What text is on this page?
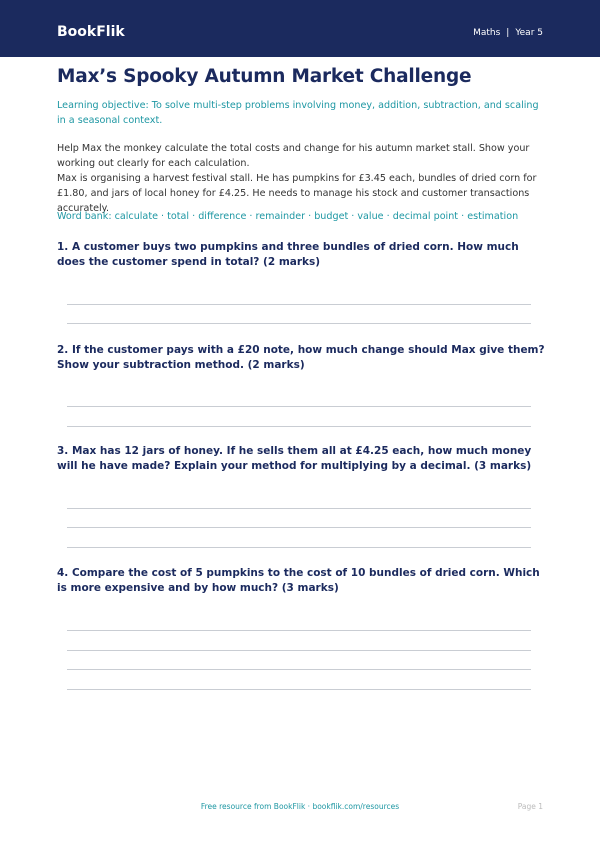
BookFlik	Maths | Year 5
Max’s Spooky Autumn Market Challenge
Learning objective: To solve multi-step problems involving money, addition, subtraction, and scaling in a seasonal context.
Help Max the monkey calculate the total costs and change for his autumn market stall. Show your working out clearly for each calculation.
Max is organising a harvest festival stall. He has pumpkins for £3.45 each, bundles of dried corn for £1.80, and jars of local honey for £4.25. He needs to manage his stock and customer transactions accurately.
Word bank: calculate · total · difference · remainder · budget · value · decimal point · estimation
1. A customer buys two pumpkins and three bundles of dried corn. How much does the customer spend in total? (2 marks)
2. If the customer pays with a £20 note, how much change should Max give them? Show your subtraction method. (2 marks)
3. Max has 12 jars of honey. If he sells them all at £4.25 each, how much money will he have made? Explain your method for multiplying by a decimal. (3 marks)
4. Compare the cost of 5 pumpkins to the cost of 10 bundles of dried corn. Which is more expensive and by how much? (3 marks)
Free resource from BookFlik · bookflik.com/resources	Page 1
